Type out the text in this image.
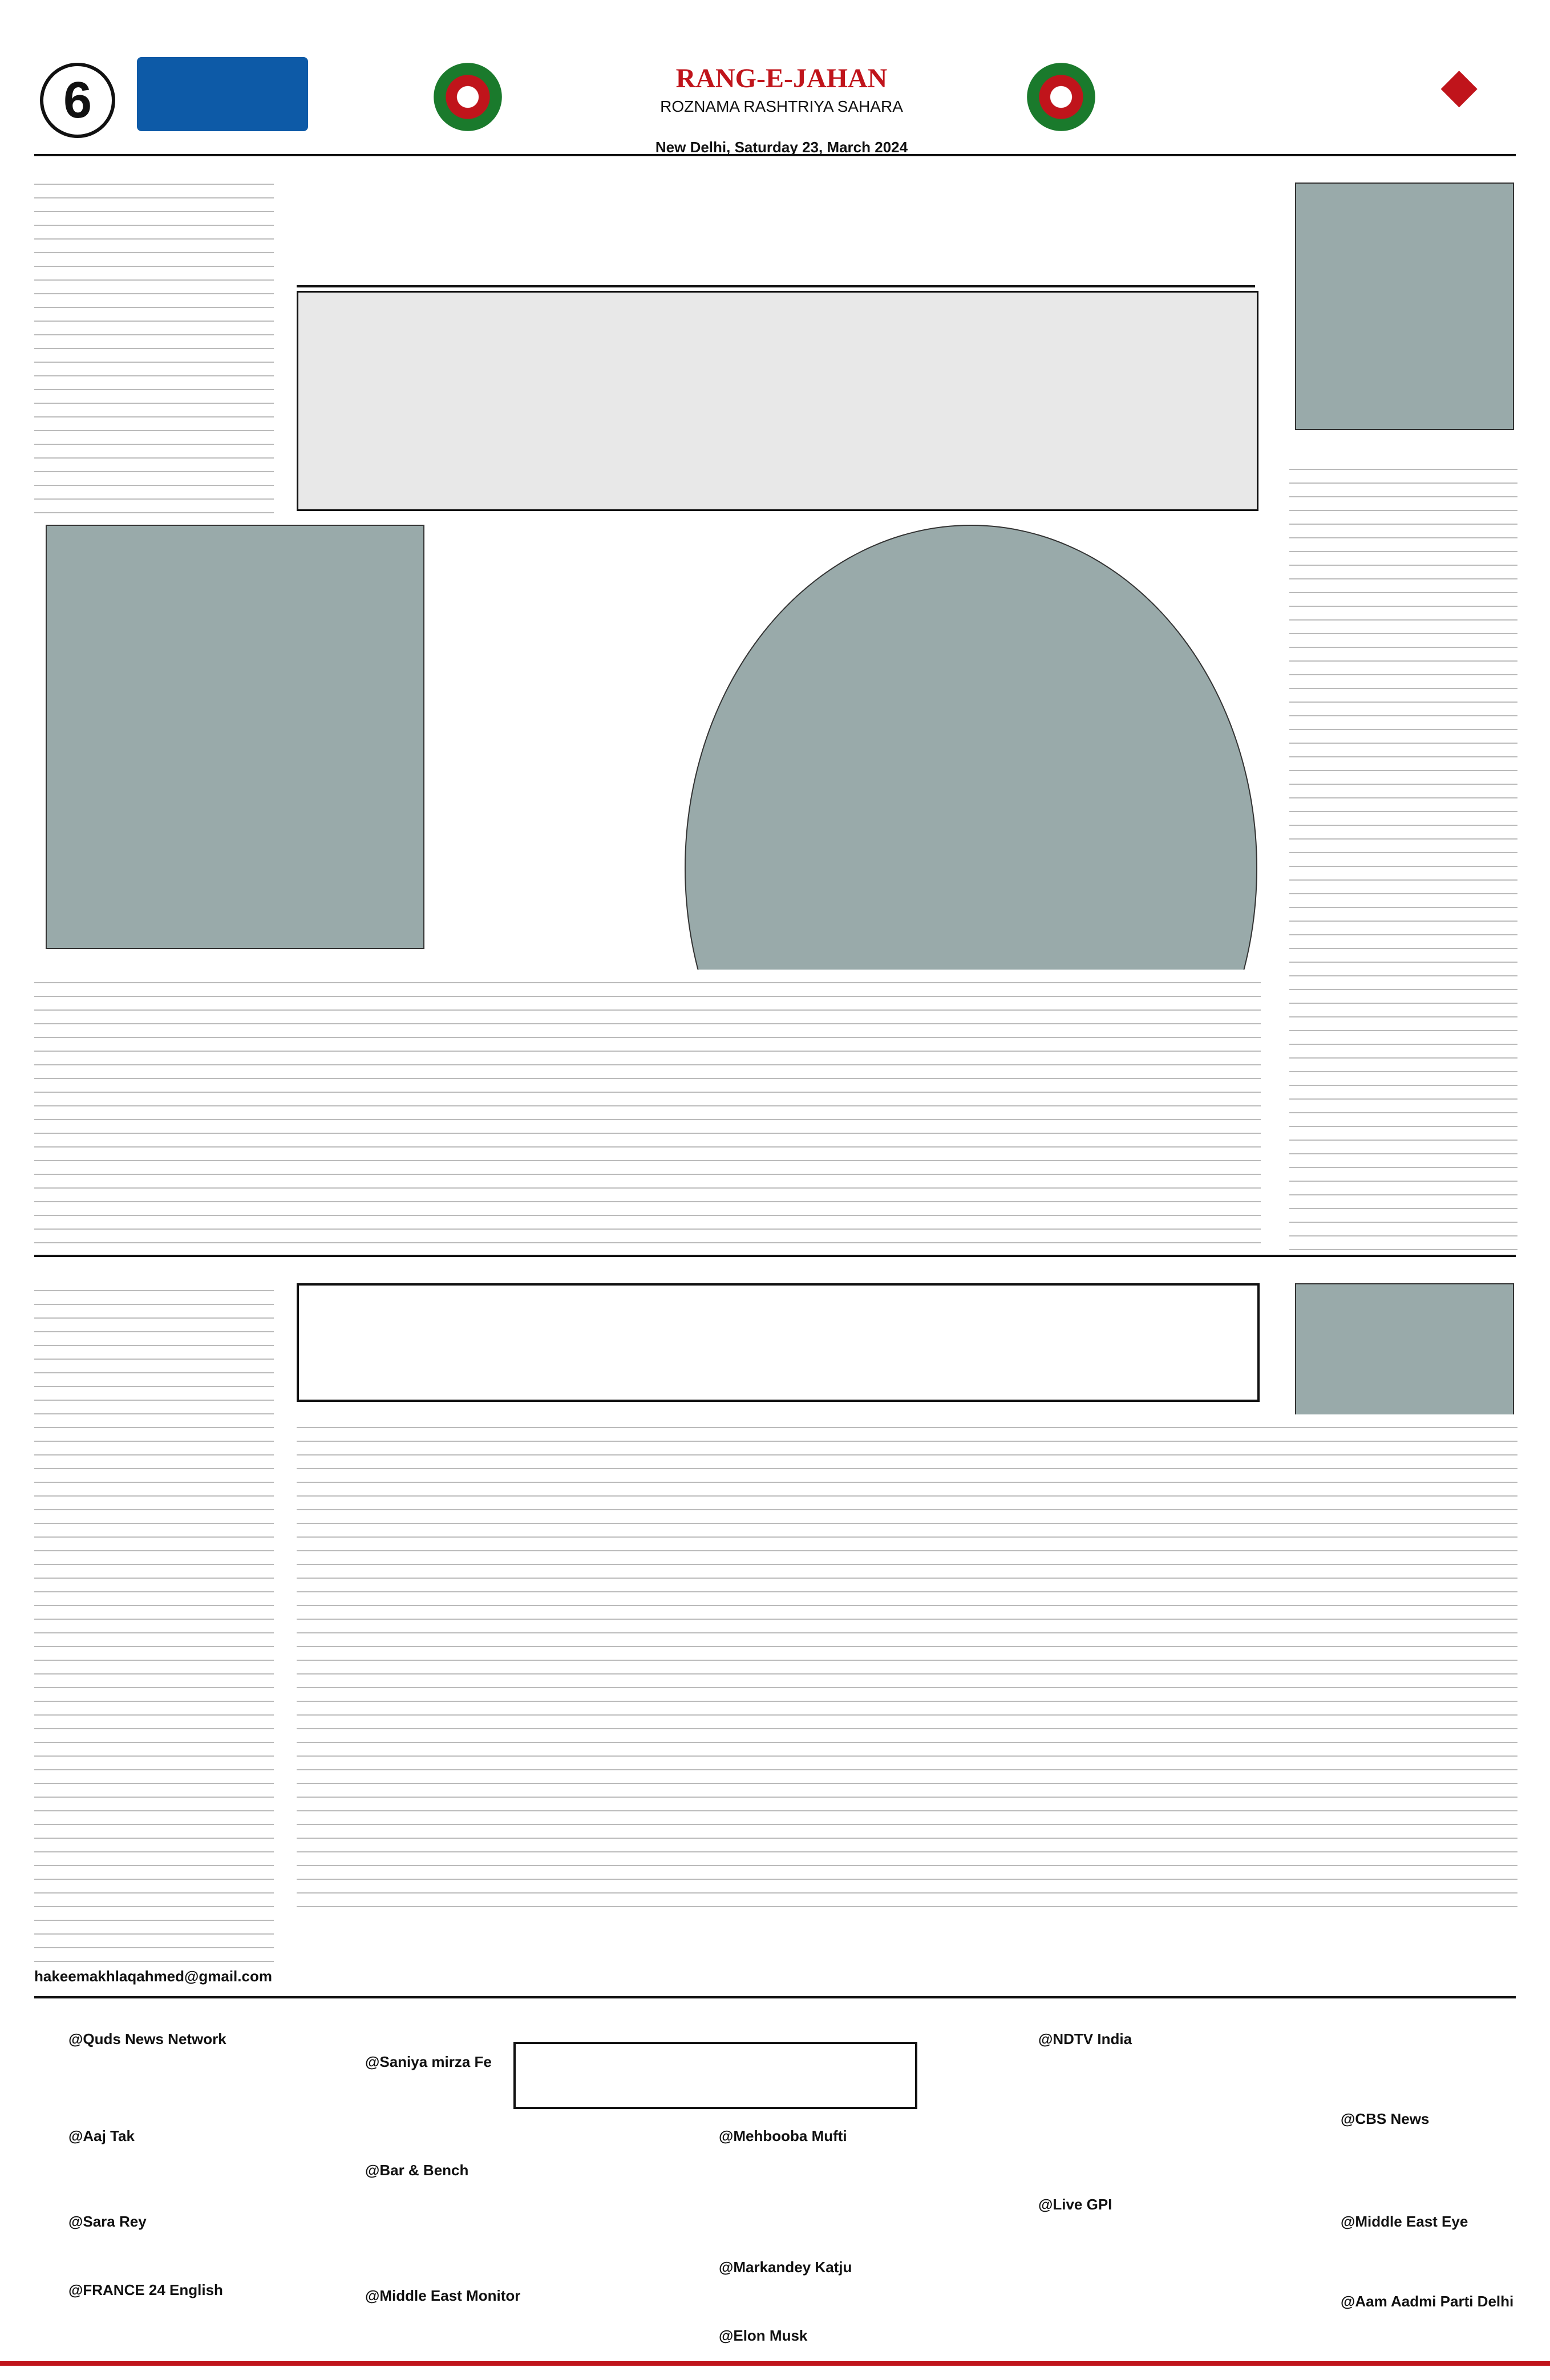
6	RANG-E-JAHAN
ROZNAMA RASHTRIYA SAHARA
New Delhi, Saturday 23, March 2024
◆
hakeemakhlaqahmed@gmail.com
@Quds News Network
@Aaj Tak
@Sara Rey
@FRANCE 24 English
@Saniya mirza Fe
@Bar & Bench
@Middle East Monitor
@Mehbooba Mufti
@Markandey Katju
@Elon Musk
@NDTV India
@Live GPI
@CBS News
@Middle East Eye
@Aam Aadmi Parti Delhi
